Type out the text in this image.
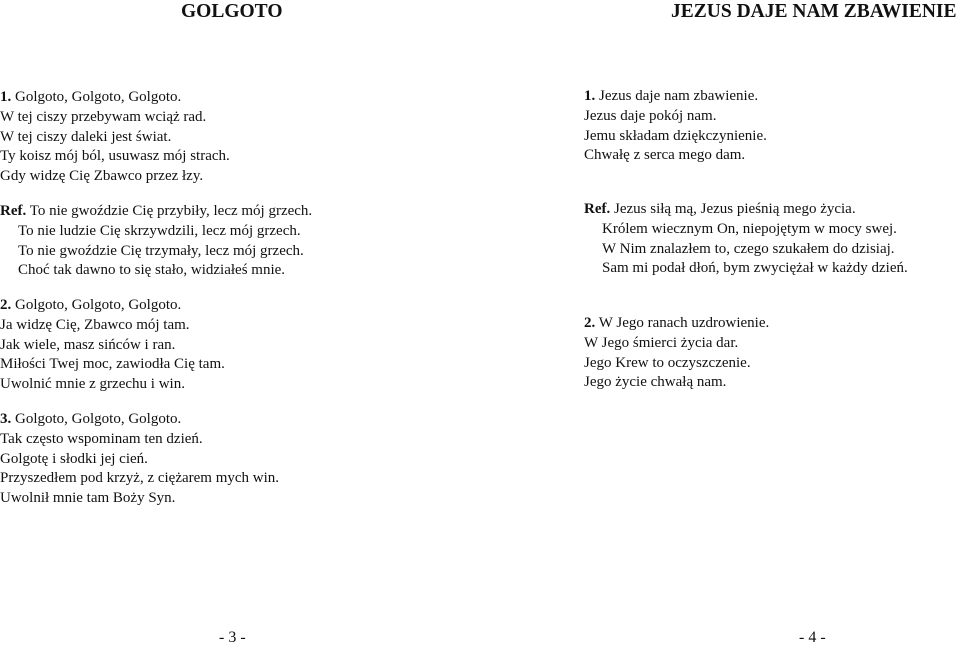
GOLGOTO
1. Golgoto, Golgoto, Golgoto.
W tej ciszy przebywam wciąż rad.
W tej ciszy daleki jest świat.
Ty koisz mój ból, usuwasz mój strach.
Gdy widzę Cię Zbawco przez łzy.
Ref. To nie gwoździe Cię przybiły, lecz mój grzech.
To nie ludzie Cię skrzywdzili, lecz mój grzech.
To nie gwoździe Cię trzymały, lecz mój grzech.
Choć tak dawno to się stało, widziałeś mnie.
2. Golgoto, Golgoto, Golgoto.
Ja widzę Cię, Zbawco mój tam.
Jak wiele, masz sińców i ran.
Miłości Twej moc, zawiodła Cię tam.
Uwolnić mnie z grzechu i win.
3. Golgoto, Golgoto, Golgoto.
Tak często wspominam ten dzień.
Golgotę i słodki jej cień.
Przyszedłem pod krzyż, z ciężarem mych win.
Uwolnił mnie tam Boży Syn.
- 3 -
JEZUS DAJE NAM ZBAWIENIE
1. Jezus daje nam zbawienie.
Jezus daje pokój nam.
Jemu składam dziękczynienie.
Chwałę z serca mego dam.
Ref. Jezus siłą mą, Jezus pieśnią mego życia.
Królem wiecznym On, niepojętym w mocy swej.
W Nim znalazłem to, czego szukałem do dzisiaj.
Sam mi podał dłoń, bym zwyciężał w każdy dzień.
2. W Jego ranach uzdrowienie.
W Jego śmierci życia dar.
Jego Krew to oczyszczenie.
Jego życie chwałą nam.
- 4 -
